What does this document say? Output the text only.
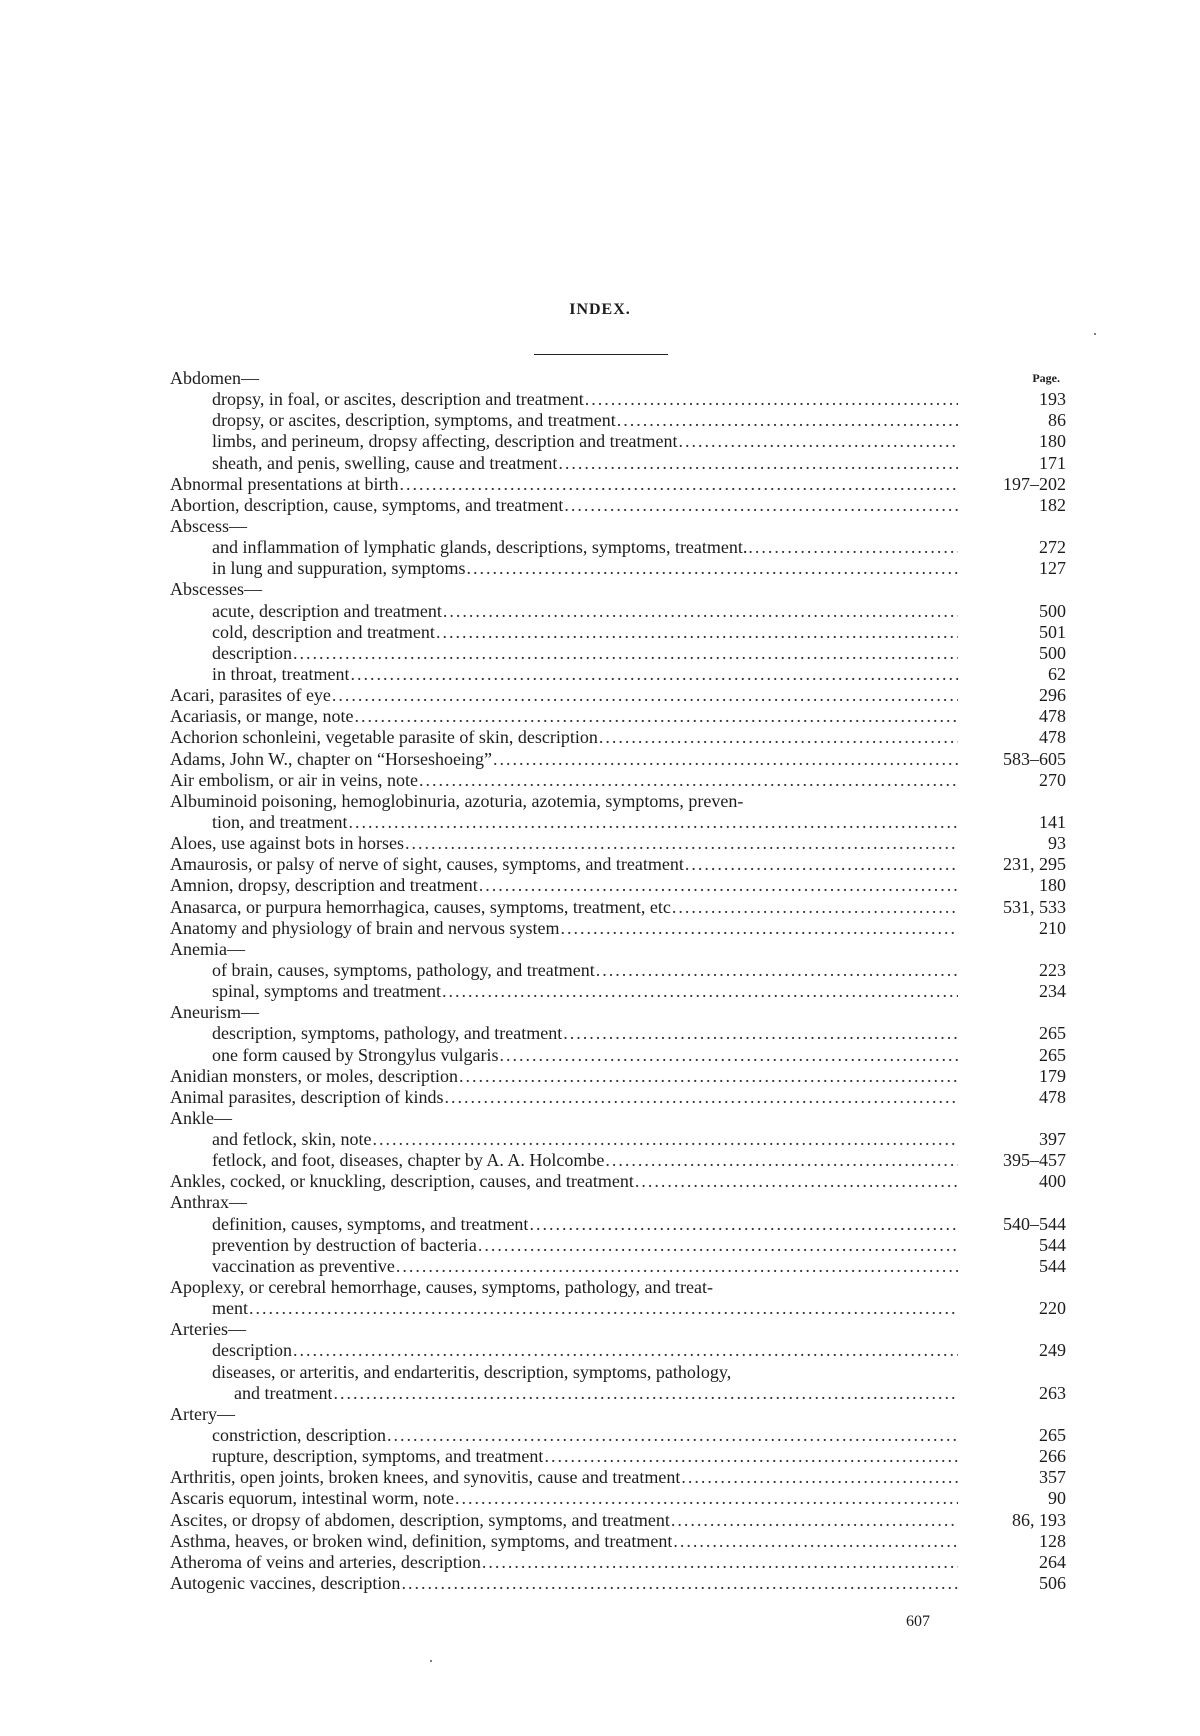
INDEX.
Abdomen—	Page.
dropsy, in foal, or ascites, description and treatment .....	193
dropsy, or ascites, description, symptoms, and treatment .....	86
limbs, and perineum, dropsy affecting, description and treatment .....	180
sheath, and penis, swelling, cause and treatment .....	171
Abnormal presentations at birth .....	197–202
Abortion, description, cause, symptoms, and treatment .....	182
Abscess—
and inflammation of lymphatic glands, descriptions, symptoms, treatment. .....	272
in lung and suppuration, symptoms .....	127
Abscesses—
acute, description and treatment .....	500
cold, description and treatment .....	501
description .....	500
in throat, treatment .....	62
Acari, parasites of eye .....	296
Acariasis, or mange, note .....	478
Achorion schonleini, vegetable parasite of skin, description .....	478
Adams, John W., chapter on “Horseshoeing” .....	583–605
Air embolism, or air in veins, note .....	270
Albuminoid poisoning, hemoglobinuria, azoturia, azotemia, symptoms, preven-
tion, and treatment .....	141
Aloes, use against bots in horses .....	93
Amaurosis, or palsy of nerve of sight, causes, symptoms, and treatment .....	231, 295
Amnion, dropsy, description and treatment .....	180
Anasarca, or purpura hemorrhagica, causes, symptoms, treatment, etc .....	531, 533
Anatomy and physiology of brain and nervous system .....	210
Anemia—
of brain, causes, symptoms, pathology, and treatment .....	223
spinal, symptoms and treatment .....	234
Aneurism—
description, symptoms, pathology, and treatment .....	265
one form caused by Strongylus vulgaris .....	265
Anidian monsters, or moles, description .....	179
Animal parasites, description of kinds .....	478
Ankle—
and fetlock, skin, note .....	397
fetlock, and foot, diseases, chapter by A. A. Holcombe .....	395–457
Ankles, cocked, or knuckling, description, causes, and treatment .....	400
Anthrax—
definition, causes, symptoms, and treatment .....	540–544
prevention by destruction of bacteria .....	544
vaccination as preventive .....	544
Apoplexy, or cerebral hemorrhage, causes, symptoms, pathology, and treat-
ment .....	220
Arteries—
description .....	249
diseases, or arteritis, and endarteritis, description, symptoms, pathology,
and treatment .....	263
Artery—
constriction, description .....	265
rupture, description, symptoms, and treatment .....	266
Arthritis, open joints, broken knees, and synovitis, cause and treatment .....	357
Ascaris equorum, intestinal worm, note .....	90
Ascites, or dropsy of abdomen, description, symptoms, and treatment .....	86, 193
Asthma, heaves, or broken wind, definition, symptoms, and treatment .....	128
Atheroma of veins and arteries, description .....	264
Autogenic vaccines, description .....	506
607
